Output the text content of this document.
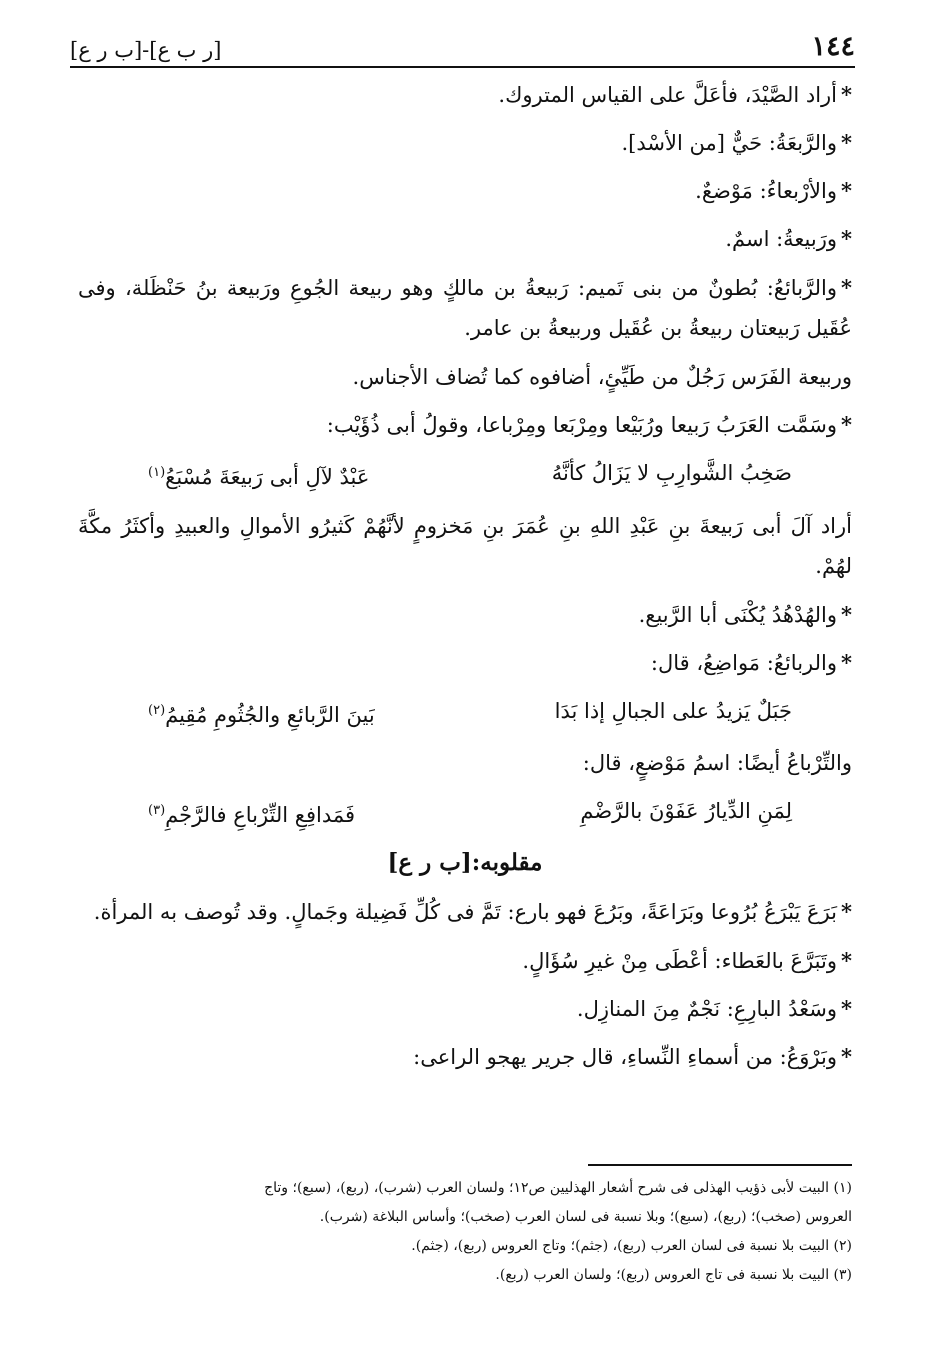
[ر ب ع]-[ب ر ع]	١٤٤

*أراد الصَّيْدَ، فأعَلَّ على القياس المتروك.

*والرَّبعَةُ: حَيٌّ [من الأسْد].

*والأرْبعاءُ: مَوْضعٌ.

*ورَبيعةُ: اسمٌ.

*والرَّبائعُ: بُطونٌ من بنى تَميم: رَبيعةُ بن مالكٍ وهو ربيعة الجُوعِ ورَبيعة بنُ حَنْظَلة، وفى عُقَيل رَبيعتان ربيعةُ بن عُقَيل وربيعةُ بن عامر.

وربيعة الفَرَس رَجُلٌ من طَيِّئٍ، أضافوه كما تُضاف الأجناس.

*وسَمَّت العَرَبُ رَبيعا ورُبَيْعا ومِرْبَعا ومِرْباعا، وقولُ أبى ذُؤَيْب:

صَخِبُ الشَّوارِبِ لا يَزَالُ كأنَّهُ
عَبْدٌ لآلِ أبى رَبيعَةَ مُسْبَعُ$^{(١)}$

أراد آلَ أبى رَبيعةَ بنِ عَبْدِ اللهِ بنِ عُمَرَ بنِ مَخزومٍ لأنَّهُمْ كَثيرُو الأموالِ والعبيدِ وأكثَرُ مكَّةَ لهُمْ.

*والهُدْهُدُ يُكْنَى أبا الرَّبيع.

*والربائعُ: مَواضِعُ، قال:

جَبَلٌ يَزيدُ على الجبالِ إذا بَدَا
بَينَ الرَّبائعِ والجُثُومِ مُقِيمُ$^{(٢)}$

والتِّرْباعُ أيضًا: اسمُ مَوْضعٍ، قال:

لِمَنِ الدِّيارُ عَفَوْنَ بالرَّضْمِ
فَمَدافِعِ التِّرْباعِ فالرَّجْمِ$^{(٣)}$
مقلوبه:[ب ر ع]

*بَرَعَ يَبْرَعُ بُرُوعا وبَرَاعَةً، وبَرُعَ فهو بارع: تَمَّ فى كُلِّ فَضِيلة وجَمالٍ. وقد تُوصف به المرأة.

*وتَبَرَّعَ بالعَطاء: أعْطَى مِنْ غيرِ سُؤَالٍ.

*وسَعْدُ البارِعِ: نَجْمٌ مِنَ المنازِل.

*وبَرْوَعُ: من أسماءِ النِّساءِ، قال جرير يهجو الراعى:

(١) البيت لأبى ذؤيب الهذلى فى شرح أشعار الهذليين ص١٢؛ ولسان العرب (شرب)، (ربع)، (سبع)؛ وتاج

العروس (صخب)؛ (ربع)، (سبع)؛ وبلا نسبة فى لسان العرب (صخب)؛ وأساس البلاغة (شرب).

(٢) البيت بلا نسبة فى لسان العرب (ربع)، (جثم)؛ وتاج العروس (ربع)، (جثم).

(٣) البيت بلا نسبة فى تاج العروس (ربع)؛ ولسان العرب (ربع).
